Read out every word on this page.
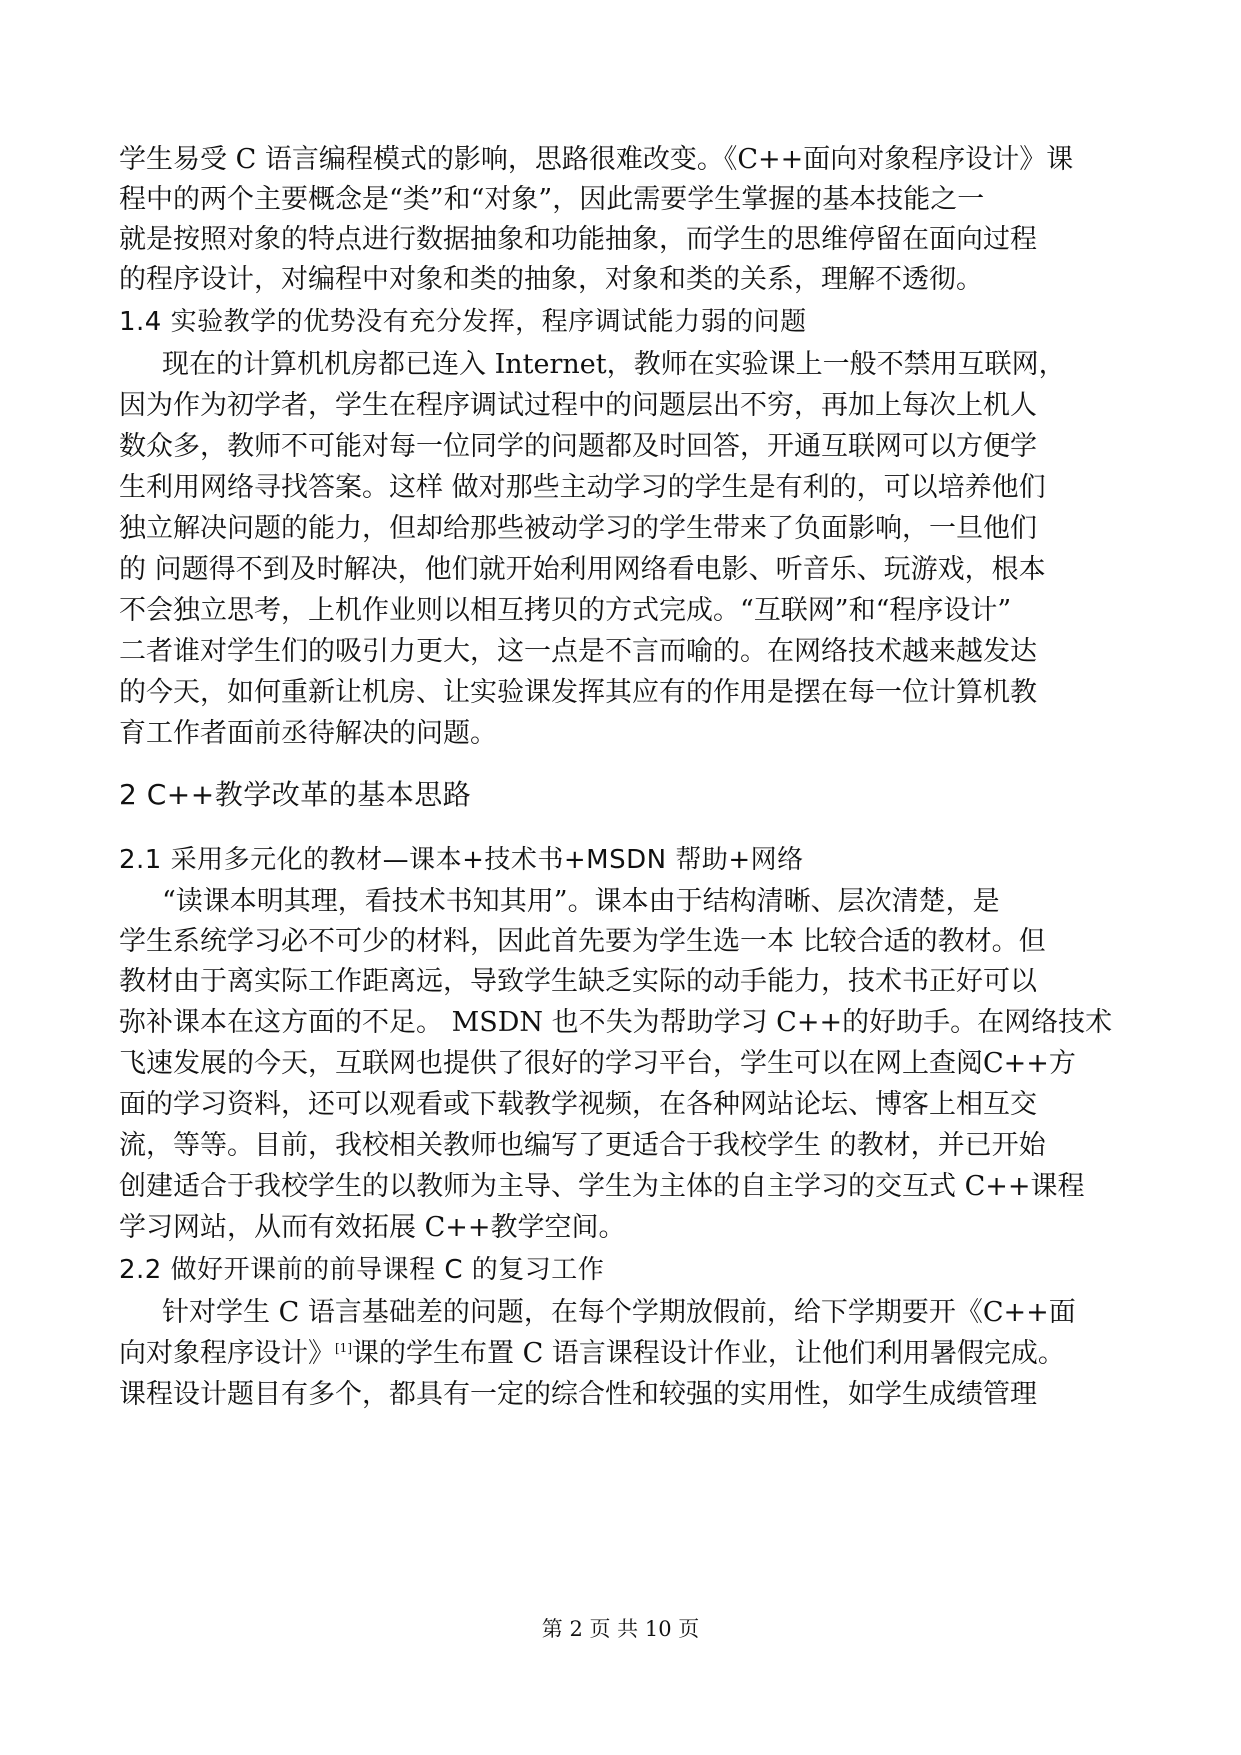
学生易受 C 语言编程模式的影响，思路很难改变。《C++面向对象程序设计》课
程中的两个主要概念是“类”和“对象”，因此需要学生掌握的基本技能之一
就是按照对象的特点进行数据抽象和功能抽象，而学生的思维停留在面向过程
的程序设计，对编程中对象和类的抽象，对象和类的关系，理解不透彻。
1.4 实验教学的优势没有充分发挥，程序调试能力弱的问题
现在的计算机机房都已连入 Internet，教师在实验课上一般不禁用互联网，
因为作为初学者，学生在程序调试过程中的问题层出不穷，再加上每次上机人
数众多，教师不可能对每一位同学的问题都及时回答，开通互联网可以方便学
生利用网络寻找答案。这样 做对那些主动学习的学生是有利的，可以培养他们
独立解决问题的能力，但却给那些被动学习的学生带来了负面影响，一旦他们
的 问题得不到及时解决，他们就开始利用网络看电影、听音乐、玩游戏，根本
不会独立思考，上机作业则以相互拷贝的方式完成。“互联网”和“程序设计”
二者谁对学生们的吸引力更大，这一点是不言而喻的。在网络技术越来越发达
的今天，如何重新让机房、让实验课发挥其应有的作用是摆在每一位计算机教
育工作者面前丞待解决的问题。
2 C++教学改革的基本思路
2.1 采用多元化的教材—课本+技术书+MSDN 帮助+网络
“读课本明其理，看技术书知其用”。课本由于结构清晰、层次清楚，是
学生系统学习必不可少的材料，因此首先要为学生选一本 比较合适的教材。但
教材由于离实际工作距离远，导致学生缺乏实际的动手能力，技术书正好可以
弥补课本在这方面的不足。 MSDN 也不失为帮助学习 C++的好助手。在网络技术
飞速发展的今天，互联网也提供了很好的学习平台，学生可以在网上查阅C++方
面的学习资料，还可以观看或下载教学视频，在各种网站论坛、博客上相互交
流，等等。目前，我校相关教师也编写了更适合于我校学生 的教材，并已开始
创建适合于我校学生的以教师为主导、学生为主体的自主学习的交互式 C++课程
学习网站，从而有效拓展 C++教学空间。
2.2 做好开课前的前导课程 C 的复习工作
针对学生 C 语言基础差的问题，在每个学期放假前，给下学期要开《C++面
向对象程序设计》[1]课的学生布置 C 语言课程设计作业，让他们利用暑假完成。
课程设计题目有多个，都具有一定的综合性和较强的实用性，如学生成绩管理
第 2 页 共 10 页
